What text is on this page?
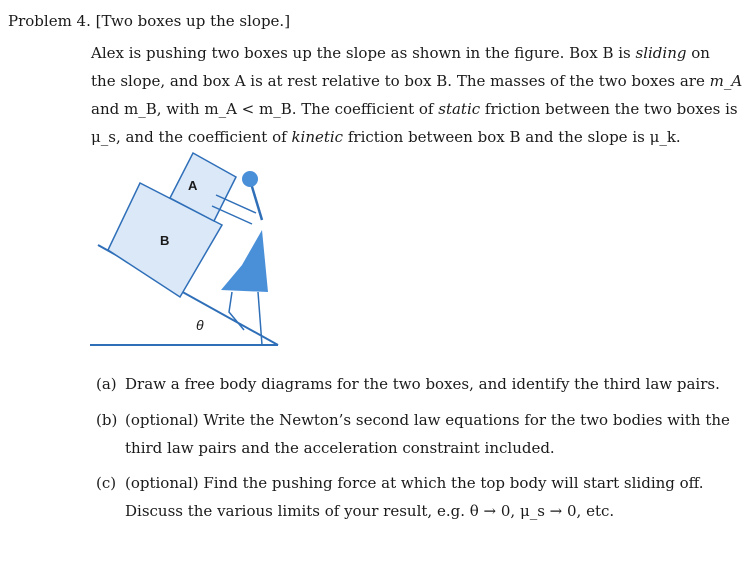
Problem 4. [Two boxes up the slope.]
Alex is pushing two boxes up the slope as shown in the figure. Box B is sliding on
the slope, and box A is at rest relative to box B. The masses of the two boxes are m_A
and m_B, with m_A < m_B. The coefficient of static friction between the two boxes is
μ_s, and the coefficient of kinetic friction between box B and the slope is μ_k.
A
B
θ
(a) Draw a free body diagrams for the two boxes, and identify the third law pairs.
(b) (optional) Write the Newton’s second law equations for the two bodies with the
third law pairs and the acceleration constraint included.
(c) (optional) Find the pushing force at which the top body will start sliding off.
Discuss the various limits of your result, e.g. θ → 0, μ_s → 0, etc.
